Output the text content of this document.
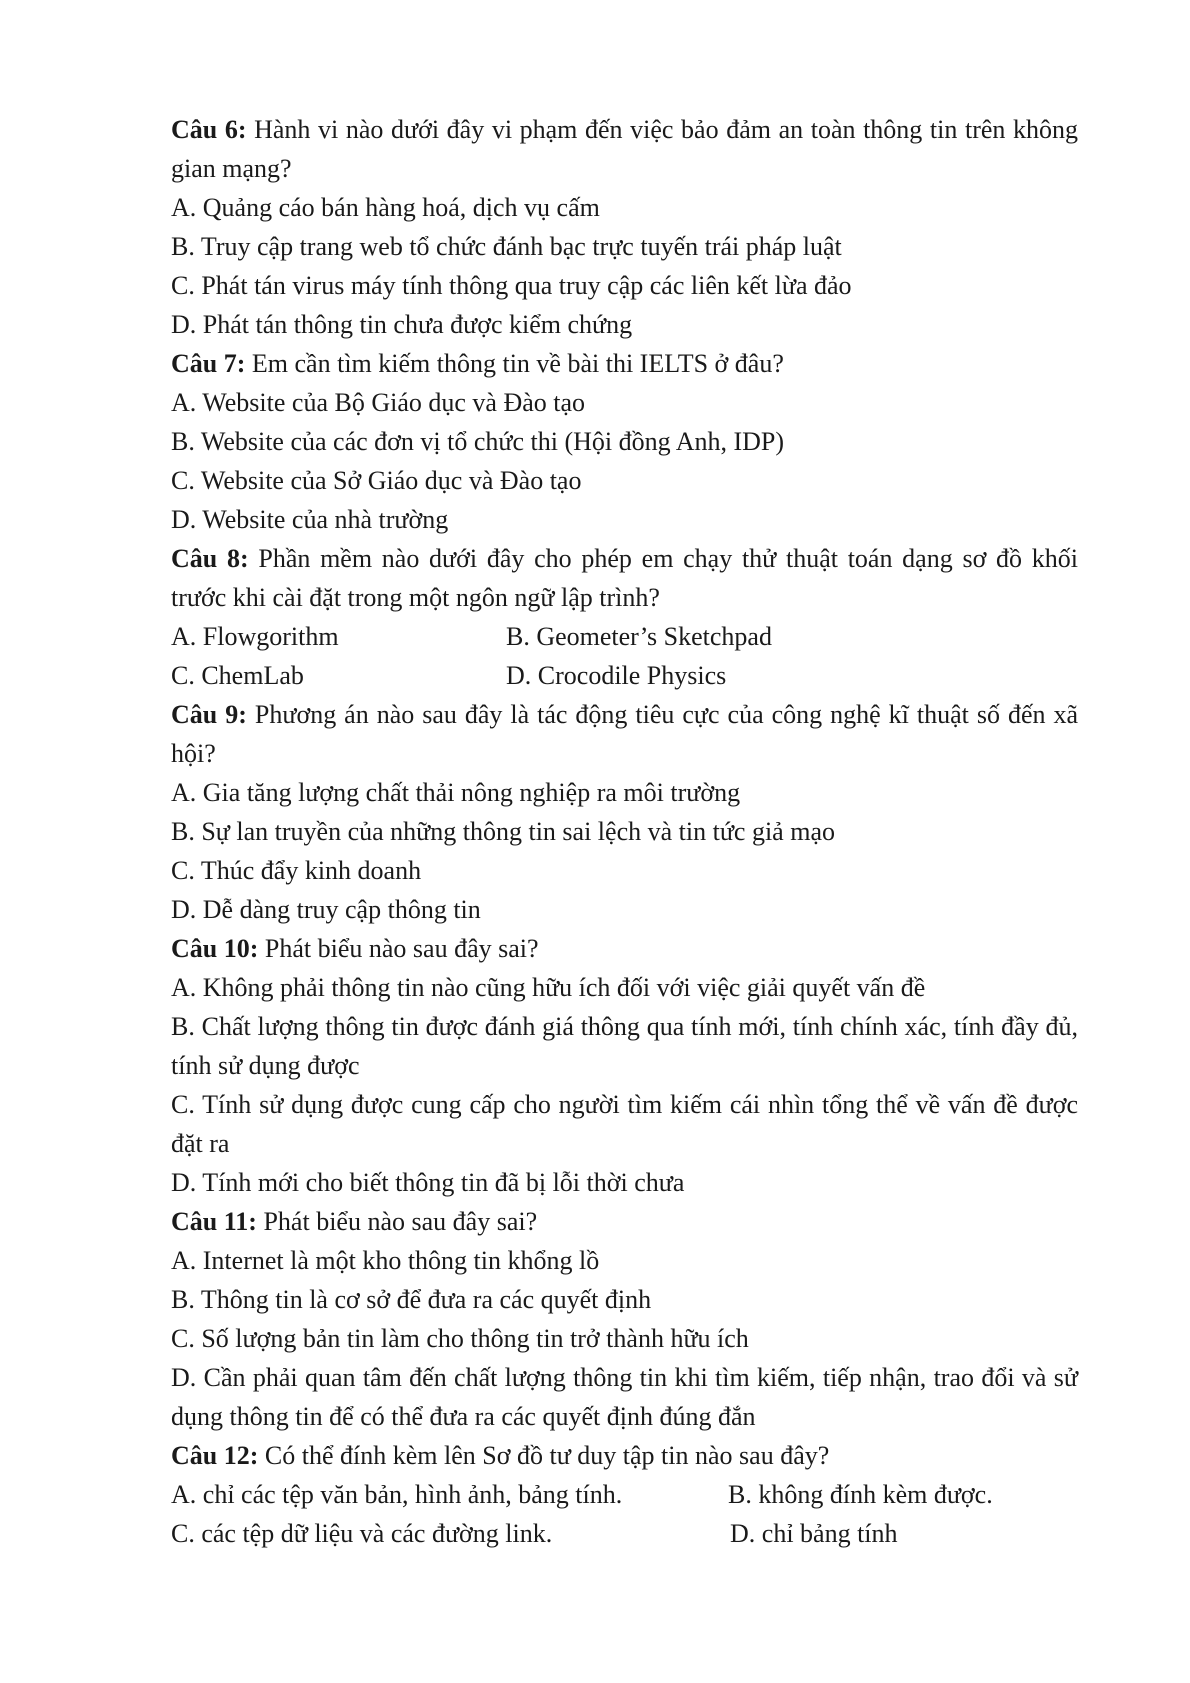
Câu 6: Hành vi nào dưới đây vi phạm đến việc bảo đảm an toàn thông tin trên không gian mạng?
A. Quảng cáo bán hàng hoá, dịch vụ cấm
B. Truy cập trang web tổ chức đánh bạc trực tuyến trái pháp luật
C. Phát tán virus máy tính thông qua truy cập các liên kết lừa đảo
D. Phát tán thông tin chưa được kiểm chứng
Câu 7: Em cần tìm kiếm thông tin về bài thi IELTS ở đâu?
A. Website của Bộ Giáo dục và Đào tạo
B. Website của các đơn vị tổ chức thi (Hội đồng Anh, IDP)
C. Website của Sở Giáo dục và Đào tạo
D. Website của nhà trường
Câu 8: Phần mềm nào dưới đây cho phép em chạy thử thuật toán dạng sơ đồ khối trước khi cài đặt trong một ngôn ngữ lập trình?
A. Flowgorithm	B. Geometer’s Sketchpad
C. ChemLab	D. Crocodile Physics
Câu 9: Phương án nào sau đây là tác động tiêu cực của công nghệ kĩ thuật số đến xã hội?
A. Gia tăng lượng chất thải nông nghiệp ra môi trường
B. Sự lan truyền của những thông tin sai lệch và tin tức giả mạo
C. Thúc đẩy kinh doanh
D. Dễ dàng truy cập thông tin
Câu 10: Phát biểu nào sau đây sai?
A. Không phải thông tin nào cũng hữu ích đối với việc giải quyết vấn đề
B. Chất lượng thông tin được đánh giá thông qua tính mới, tính chính xác, tính đầy đủ, tính sử dụng được
C. Tính sử dụng được cung cấp cho người tìm kiếm cái nhìn tổng thể về vấn đề được đặt ra
D. Tính mới cho biết thông tin đã bị lỗi thời chưa
Câu 11: Phát biểu nào sau đây sai?
A. Internet là một kho thông tin khổng lồ
B. Thông tin là cơ sở để đưa ra các quyết định
C. Số lượng bản tin làm cho thông tin trở thành hữu ích
D. Cần phải quan tâm đến chất lượng thông tin khi tìm kiếm, tiếp nhận, trao đổi và sử dụng thông tin để có thể đưa ra các quyết định đúng đắn
Câu 12: Có thể đính kèm lên Sơ đồ tư duy tập tin nào sau đây?
A. chỉ các tệp văn bản, hình ảnh, bảng tính.	B. không đính kèm được.
C. các tệp dữ liệu và các đường link.	D. chỉ bảng tính
